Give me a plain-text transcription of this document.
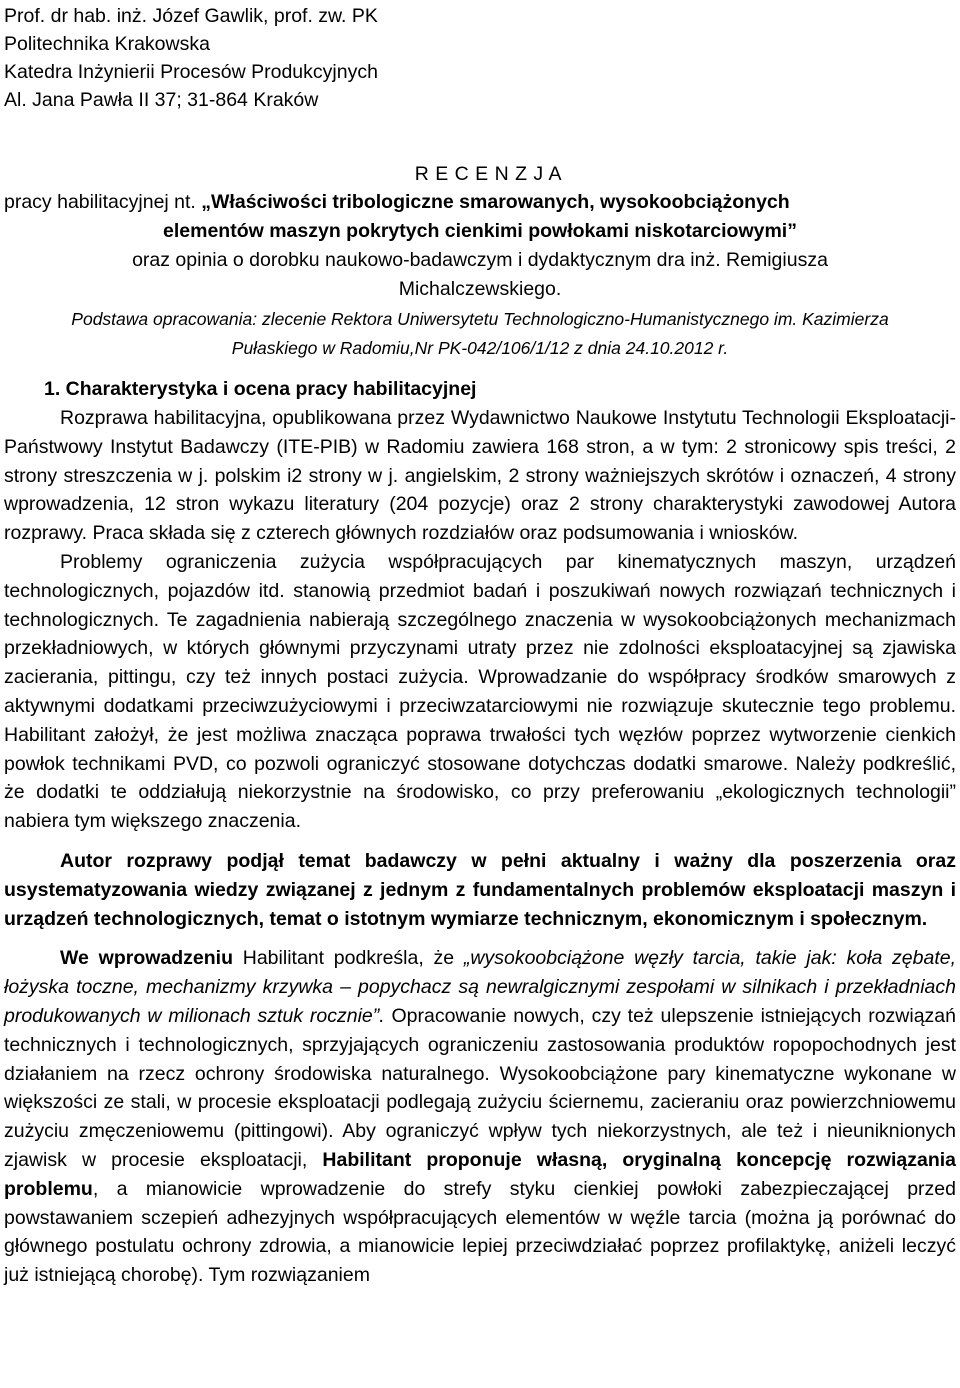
Prof. dr hab. inż. Józef Gawlik, prof. zw. PK
Politechnika Krakowska
Katedra Inżynierii Procesów Produkcyjnych
Al. Jana Pawła II 37; 31-864 Kraków
R E C E N Z J A
pracy habilitacyjnej nt. „Właściwości tribologiczne smarowanych, wysokoobciążonych
elementów maszyn pokrytych cienkimi powłokami niskotarciowymi”
oraz opinia o dorobku naukowo-badawczym i dydaktycznym dra inż. Remigiusza
Michalczewskiego.
Podstawa opracowania: zlecenie Rektora Uniwersytetu Technologiczno-Humanistycznego im. Kazimierza
Pułaskiego w Radomiu,Nr PK-042/106/1/12 z dnia 24.10.2012 r.
1. Charakterystyka i ocena pracy habilitacyjnej

Rozprawa habilitacyjna, opublikowana przez Wydawnictwo Naukowe Instytutu Technologii Eksploatacji-Państwowy Instytut Badawczy (ITE-PIB) w Radomiu zawiera 168 stron, a w tym: 2 stronicowy spis treści, 2 strony streszczenia w j. polskim i2 strony w j. angielskim, 2 strony ważniejszych skrótów i oznaczeń, 4 strony wprowadzenia, 12 stron wykazu literatury (204 pozycje) oraz 2 strony charakterystyki zawodowej Autora rozprawy. Praca składa się z czterech głównych rozdziałów oraz podsumowania i wniosków.

Problemy ograniczenia zużycia współpracujących par kinematycznych maszyn, urządzeń technologicznych, pojazdów itd. stanowią przedmiot badań i poszukiwań nowych rozwiązań technicznych i technologicznych. Te zagadnienia nabierają szczególnego znaczenia w wysokoobciążonych mechanizmach przekładniowych, w których głównymi przyczynami utraty przez nie zdolności eksploatacyjnej są zjawiska zacierania, pittingu, czy też innych postaci zużycia. Wprowadzanie do współpracy środków smarowych z aktywnymi dodatkami przeciwzużyciowymi i przeciwzatarciowymi nie rozwiązuje skutecznie tego problemu. Habilitant założył, że jest możliwa znacząca poprawa trwałości tych węzłów poprzez wytworzenie cienkich powłok technikami PVD, co pozwoli ograniczyć stosowane dotychczas dodatki smarowe. Należy podkreślić, że dodatki te oddziałują niekorzystnie na środowisko, co przy preferowaniu „ekologicznych technologii” nabiera tym większego znaczenia.

Autor rozprawy podjął temat badawczy w pełni aktualny i ważny dla poszerzenia oraz usystematyzowania wiedzy związanej z jednym z fundamentalnych problemów eksploatacji maszyn i urządzeń technologicznych, temat o istotnym wymiarze technicznym, ekonomicznym i społecznym.

We wprowadzeniu Habilitant podkreśla, że „wysokoobciążone węzły tarcia, takie jak: koła zębate, łożyska toczne, mechanizmy krzywka – popychacz są newralgicznymi zespołami w silnikach i przekładniach produkowanych w milionach sztuk rocznie”. Opracowanie nowych, czy też ulepszenie istniejących rozwiązań technicznych i technologicznych, sprzyjających ograniczeniu zastosowania produktów ropopochodnych jest działaniem na rzecz ochrony środowiska naturalnego. Wysokoobciążone pary kinematyczne wykonane w większości ze stali, w procesie eksploatacji podlegają zużyciu ściernemu, zacieraniu oraz powierzchniowemu zużyciu zmęczeniowemu (pittingowi). Aby ograniczyć wpływ tych niekorzystnych, ale też i nieuniknionych zjawisk w procesie eksploatacji, Habilitant proponuje własną, oryginalną koncepcję rozwiązania problemu, a mianowicie wprowadzenie do strefy styku cienkiej powłoki zabezpieczającej przed powstawaniem sczepień adhezyjnych współpracujących elementów w węźle tarcia (można ją porównać do głównego postulatu ochrony zdrowia, a mianowicie lepiej przeciwdziałać poprzez profilaktykę, aniżeli leczyć już istniejącą chorobę). Tym rozwiązaniem
